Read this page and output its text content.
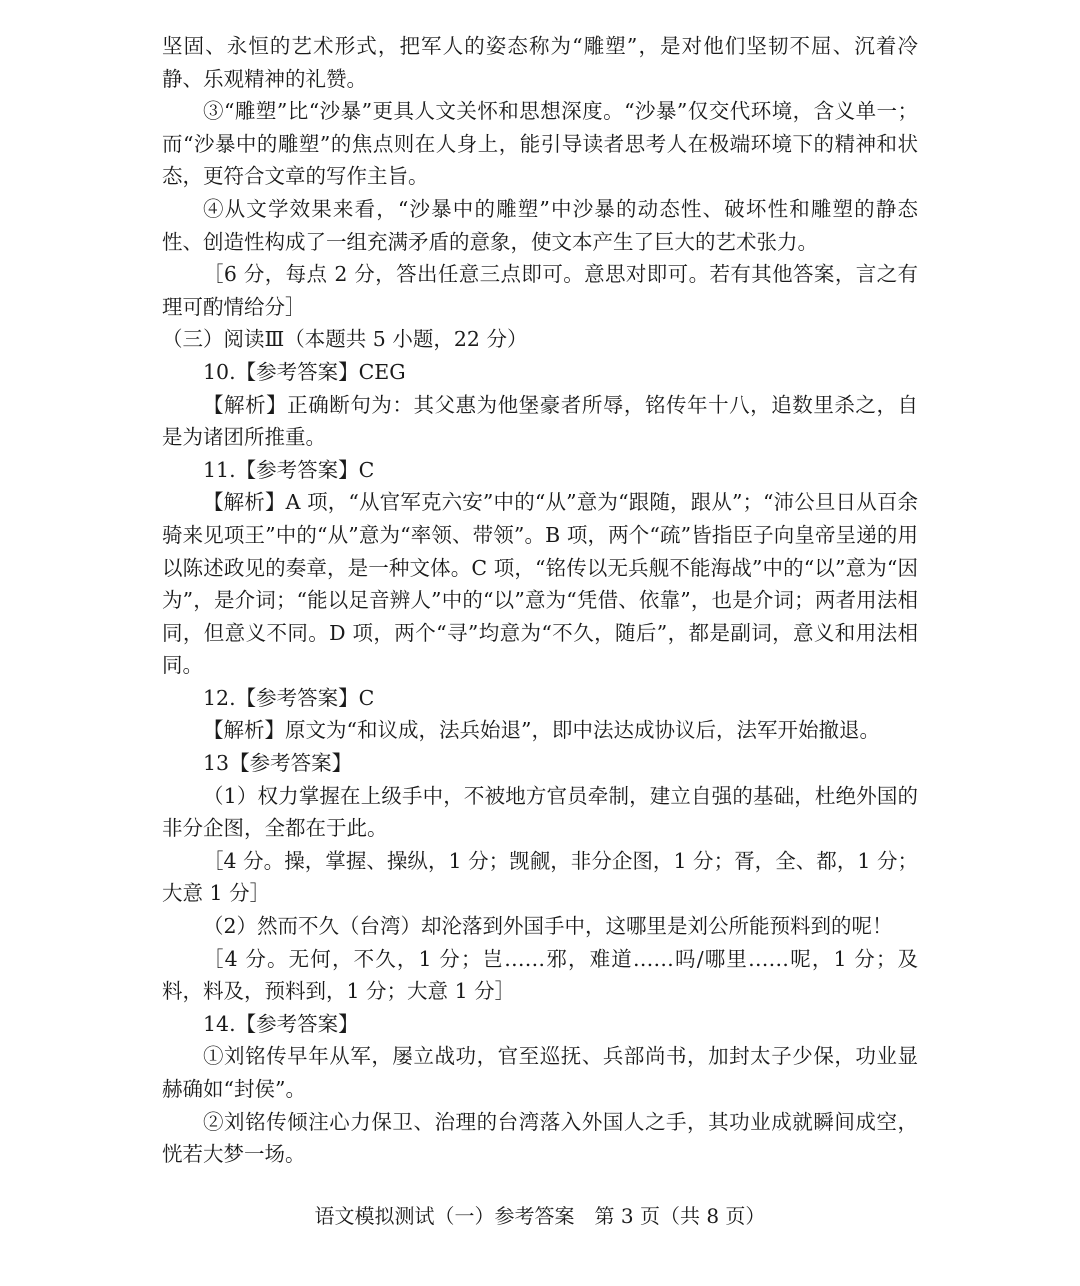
坚固、永恒的艺术形式，把军人的姿态称为“雕塑”，是对他们坚韧不屈、沉着冷静、乐观精神的礼赞。

③“雕塑”比“沙暴”更具人文关怀和思想深度。“沙暴”仅交代环境，含义单一；而“沙暴中的雕塑”的焦点则在人身上，能引导读者思考人在极端环境下的精神和状态，更符合文章的写作主旨。

④从文学效果来看，“沙暴中的雕塑”中沙暴的动态性、破坏性和雕塑的静态性、创造性构成了一组充满矛盾的意象，使文本产生了巨大的艺术张力。

［6 分，每点 2 分，答出任意三点即可。意思对即可。若有其他答案，言之有理可酌情给分］

（三）阅读Ⅲ（本题共 5 小题，22 分）

10.【参考答案】CEG

【解析】正确断句为：其父惠为他堡豪者所辱，铭传年十八，追数里杀之，自是为诸团所推重。

11.【参考答案】C

【解析】A 项，“从官军克六安”中的“从”意为“跟随，跟从”；“沛公旦日从百余骑来见项王”中的“从”意为“率领、带领”。B 项，两个“疏”皆指臣子向皇帝呈递的用以陈述政见的奏章，是一种文体。C 项，“铭传以无兵舰不能海战”中的“以”意为“因为”，是介词；“能以足音辨人”中的“以”意为“凭借、依靠”，也是介词；两者用法相同，但意义不同。D 项，两个“寻”均意为“不久，随后”，都是副词，意义和用法相同。

12.【参考答案】C

【解析】原文为“和议成，法兵始退”，即中法达成协议后，法军开始撤退。

13【参考答案】

（1）权力掌握在上级手中，不被地方官员牵制，建立自强的基础，杜绝外国的非分企图，全都在于此。

［4 分。操，掌握、操纵，1 分；觊觎，非分企图，1 分；胥，全、都，1 分；大意 1 分］

（2）然而不久（台湾）却沦落到外国手中，这哪里是刘公所能预料到的呢！

［4 分。无何，不久，1 分；岂……邪，难道……吗/哪里……呢，1 分；及料，料及，预料到，1 分；大意 1 分］

14.【参考答案】

①刘铭传早年从军，屡立战功，官至巡抚、兵部尚书，加封太子少保，功业显赫确如“封侯”。

②刘铭传倾注心力保卫、治理的台湾落入外国人之手，其功业成就瞬间成空，恍若大梦一场。

语文模拟测试（一）参考答案　第 3 页（共 8 页）
